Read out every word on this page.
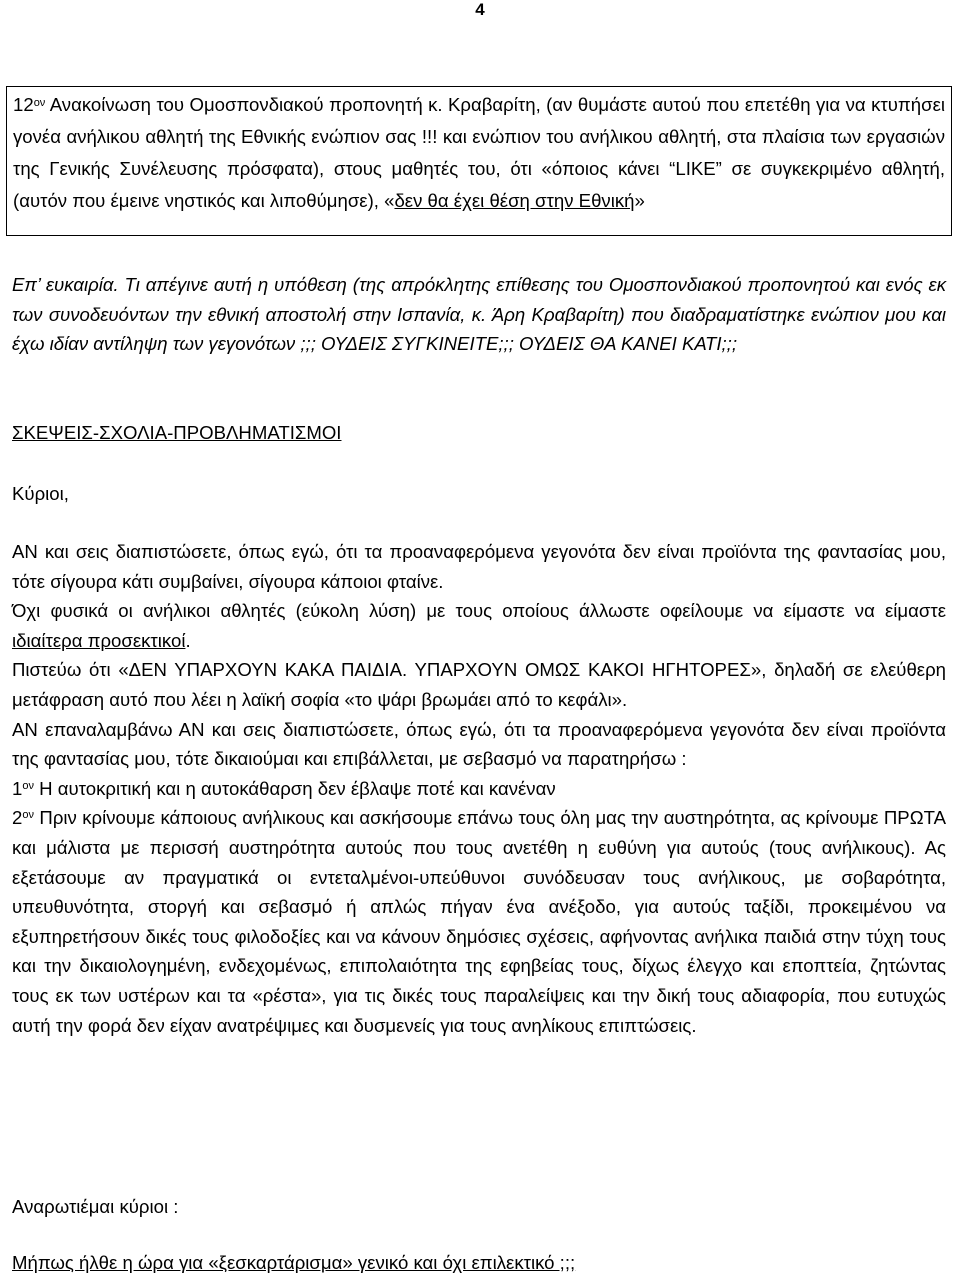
4
$12^{o\nu}$ Ανακοίνωση του Ομοσπονδιακού προπονητή κ. Κραβαρίτη, (αν θυμάστε αυτού που επετέθη για να κτυπήσει γονέα ανήλικου αθλητή της Εθνικής ενώπιον σας !!! και ενώπιον του ανήλικου αθλητή, στα πλαίσια των εργασιών της Γενικής Συνέλευσης πρόσφατα), στους μαθητές του, ότι «όποιος κάνει “LIKE” σε συγκεκριμένο αθλητή, (αυτόν που έμεινε νηστικός και λιποθύμησε), «δεν θα έχει θέση στην Εθνική»
Επ’ ευκαιρία. Τι απέγινε αυτή η υπόθεση (της απρόκλητης επίθεσης του Ομοσπονδιακού προπονητού και ενός εκ των συνοδευόντων την εθνική αποστολή στην Ισπανία, κ. Άρη Κραβαρίτη) που διαδραματίστηκε ενώπιον μου και έχω ιδίαν αντίληψη των γεγονότων ;;; ΟΥΔΕΙΣ ΣΥΓΚΙΝΕΙΤΕ;;; ΟΥΔΕΙΣ ΘΑ ΚΑΝΕΙ ΚΑΤΙ;;;
ΣΚΕΨΕΙΣ-ΣΧΟΛΙΑ-ΠΡΟΒΛΗΜΑΤΙΣΜΟΙ
Κύριοι,

ΑΝ και σεις διαπιστώσετε, όπως εγώ, ότι τα προαναφερόμενα γεγονότα δεν είναι προϊόντα της φαντασίας μου, τότε σίγουρα κάτι συμβαίνει, σίγουρα κάποιοι φταίνε.

Όχι φυσικά οι ανήλικοι αθλητές (εύκολη λύση) με τους οποίους άλλωστε οφείλουμε να είμαστε να είμαστε ιδιαίτερα προσεκτικοί.

Πιστεύω ότι «ΔΕΝ ΥΠΑΡΧΟΥΝ ΚΑΚΑ ΠΑΙΔΙΑ. ΥΠΑΡΧΟΥΝ ΟΜΩΣ ΚΑΚΟΙ ΗΓΗΤΟΡΕΣ», δηλαδή σε ελεύθερη μετάφραση αυτό που λέει η λαϊκή σοφία «το ψάρι βρωμάει από το κεφάλι».

ΑΝ επαναλαμβάνω ΑΝ και σεις διαπιστώσετε, όπως εγώ, ότι τα προαναφερόμενα γεγονότα δεν είναι προϊόντα της φαντασίας μου, τότε δικαιούμαι και επιβάλλεται, με σεβασμό να παρατηρήσω :

$1^{o\nu}$ Η αυτοκριτική και η αυτοκάθαρση δεν έβλαψε ποτέ και κανέναν

$2^{o\nu}$ Πριν κρίνουμε κάποιους ανήλικους και ασκήσουμε επάνω τους όλη μας την αυστηρότητα, ας κρίνουμε ΠΡΩΤΑ και μάλιστα με περισσή αυστηρότητα αυτούς που τους ανετέθη η ευθύνη για αυτούς (τους ανήλικους). Ας εξετάσουμε αν πραγματικά οι εντεταλμένοι-υπεύθυνοι συνόδευσαν τους ανήλικους, με σοβαρότητα, υπευθυνότητα, στοργή και σεβασμό ή απλώς πήγαν ένα ανέξοδο, για αυτούς ταξίδι, προκειμένου να εξυπηρετήσουν δικές τους φιλοδοξίες και να κάνουν δημόσιες σχέσεις, αφήνοντας ανήλικα παιδιά στην τύχη τους και την δικαιολογημένη, ενδεχομένως, επιπολαιότητα της εφηβείας τους, δίχως έλεγχο και εποπτεία, ζητώντας τους εκ των υστέρων και τα «ρέστα», για τις δικές τους παραλείψεις και την δική τους αδιαφορία, που ευτυχώς αυτή την φορά δεν είχαν ανατρέψιμες και δυσμενείς για τους ανηλίκους επιπτώσεις.

Αναρωτιέμαι κύριοι :
Μήπως ήλθε η ώρα για «ξεσκαρτάρισμα» γενικό και όχι επιλεκτικό ;;;
